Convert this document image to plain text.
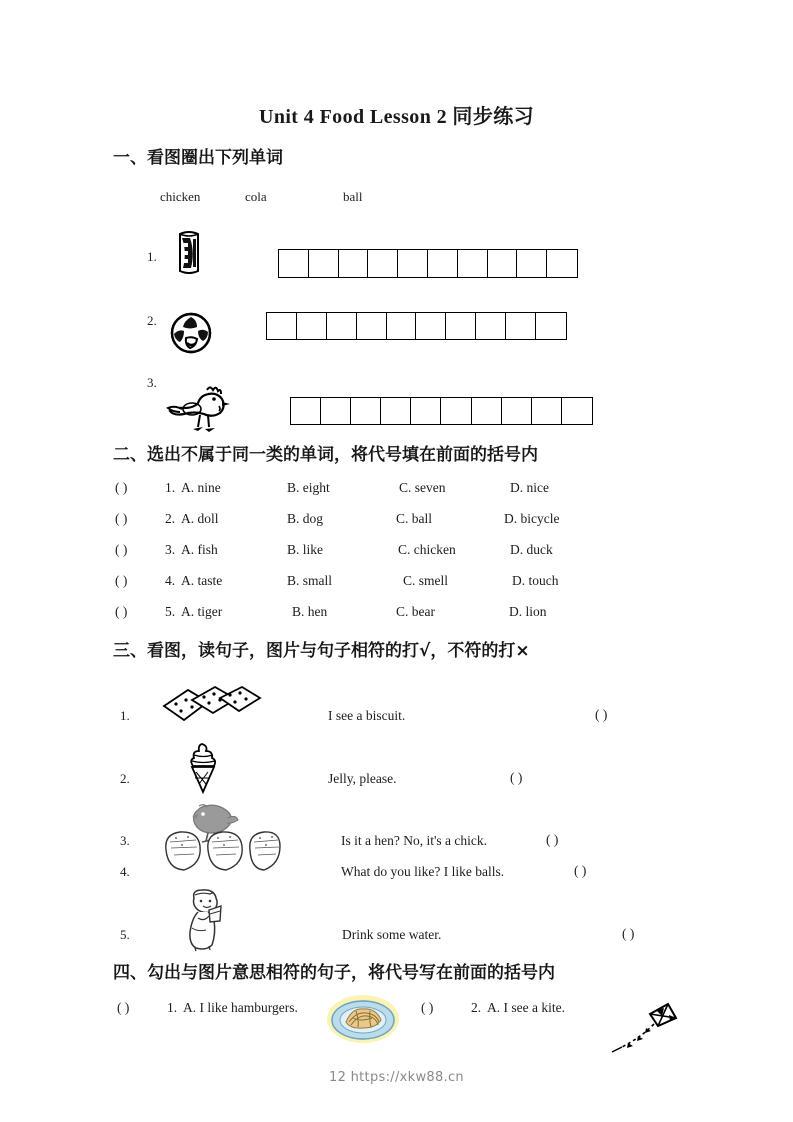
Unit 4 Food Lesson 2 同步练习
一、看图圈出下列单词
chicken	cola	ball
1.
2.
3.
二、选出不属于同一类的单词，将代号填在前面的括号内
( )	1. A. nine	B. eight	C. seven	D. nice
( )	2. A. doll	B. dog	C. ball	D. bicycle
( )	3. A. fish	B. like	C. chicken	D. duck
( )	4. A. taste	B. small	C. smell	D. touch
( )	5. A. tiger	B. hen	C. bear	D. lion
三、看图，读句子，图片与句子相符的打√，不符的打×
1.	I see a biscuit.	( )
2.	Jelly, please.	( )
3.	Is it a hen? No, it's a chick.	( )
4.	What do you like? I like balls.	( )
5.	Drink some water.	( )
四、勾出与图片意思相符的句子，将代号写在前面的括号内
( )	1. A. I like hamburgers.	( )	2. A. I see a kite.
12 https://xkw88.cn
